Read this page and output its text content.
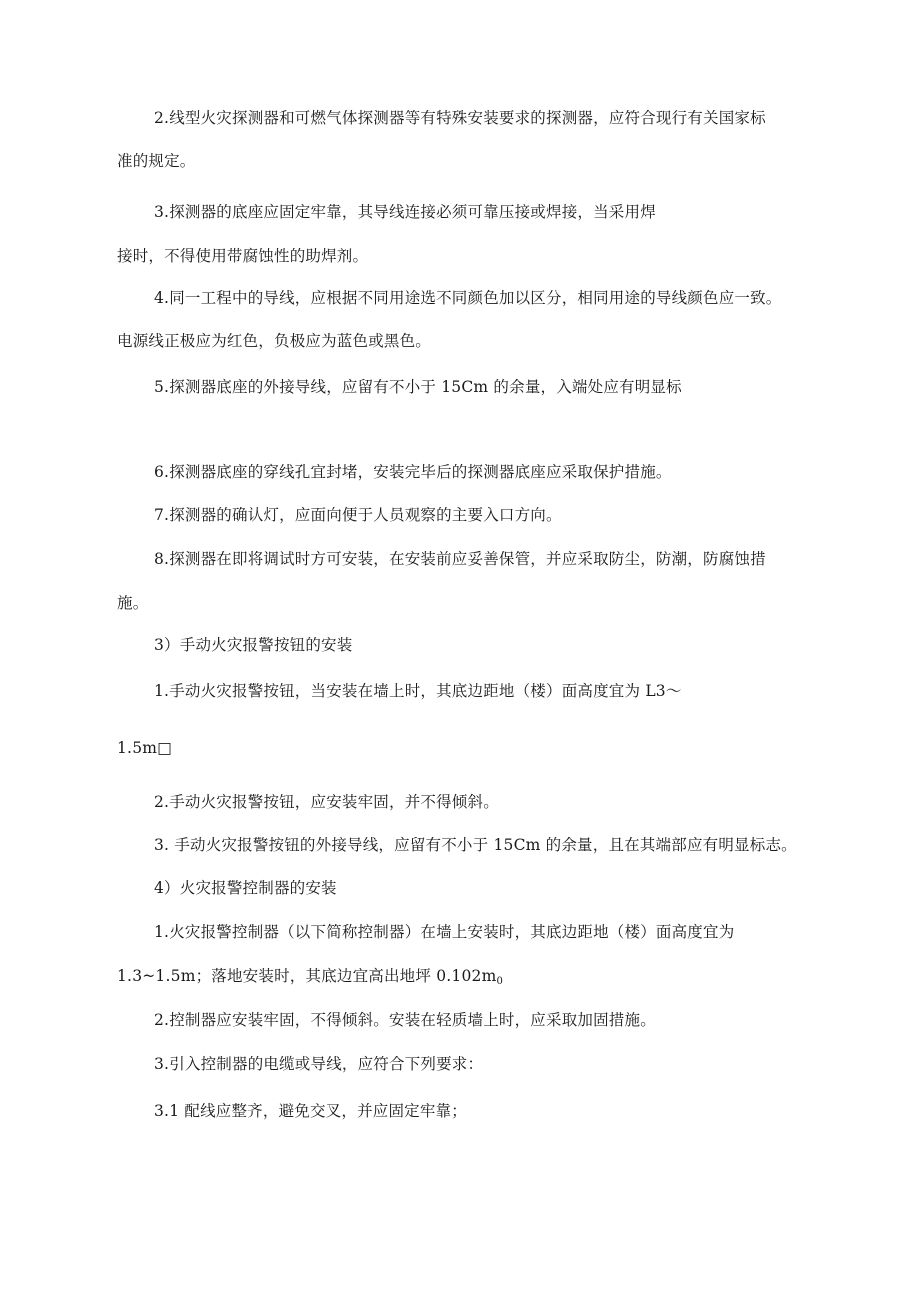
2.线型火灾探测器和可燃气体探测器等有特殊安装要求的探测器，应符合现行有关国家标
准的规定。
3.探测器的底座应固定牢靠，其导线连接必须可靠压接或焊接，当采用焊
接时，不得使用带腐蚀性的助焊剂。
4.同一工程中的导线，应根据不同用途选不同颜色加以区分，相同用途的导线颜色应一致。
电源线正极应为红色，负极应为蓝色或黑色。
5.探测器底座的外接导线，应留有不小于 15Cm 的余量，入端处应有明显标
6.探测器底座的穿线孔宜封堵，安装完毕后的探测器底座应采取保护措施。
7.探测器的确认灯，应面向便于人员观察的主要入口方向。
8.探测器在即将调试时方可安装，在安装前应妥善保管，并应采取防尘，防潮，防腐蚀措
施。
3）手动火灾报警按钮的安装
1.手动火灾报警按钮，当安装在墙上时，其底边距地（楼）面高度宜为 L3～
1.5m□
2.手动火灾报警按钮，应安装牢固，并不得倾斜。
3. 手动火灾报警按钮的外接导线，应留有不小于 15Cm 的余量，且在其端部应有明显标志。
4）火灾报警控制器的安装
1.火灾报警控制器（以下简称控制器）在墙上安装时，其底边距地（楼）面高度宜为
1.3~1.5m；落地安装时，其底边宜高出地坪 $0.102m_0$
2.控制器应安装牢固，不得倾斜。安装在轻质墙上时，应采取加固措施。
3.引入控制器的电缆或导线，应符合下列要求：
3.1 配线应整齐，避免交叉，并应固定牢靠；
